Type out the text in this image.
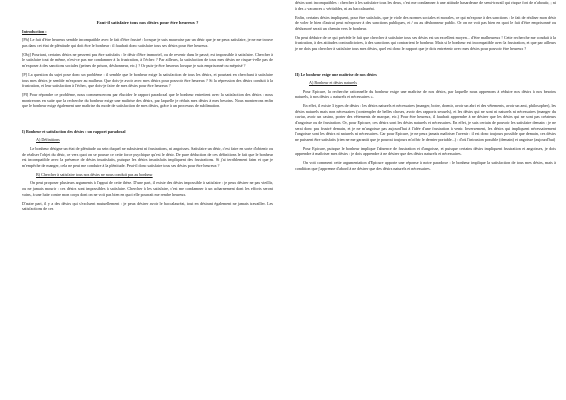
Faut-il satisfaire tous nos désirs pour être heureux ?
Introduction :

[Ph] Le fait d'être heureux semble incompatible avec le fait d'être frustré : lorsque je suis mauvaise par un désir que je ne peux satisfaire, je ne me trouve pas dans cet état de plénitude qui doit être le bonheur : il faudrait donc satisfaire tous ses désirs pour être heureux.

[Obj] Pourtant, certains désirs ne peuvent pas être satisfaits : le désir d'être immortel, ou de revenir dans le passé, est impossible à satisfaire. Chercher à le satisfaire tout de même, n'est-ce pas me condamner à la frustration, à l'échec ? Par ailleurs, la satisfaction de tous mes désirs ne risque-t-elle pas de m'exposer à des sanctions sociales (peines de prison, déshonneur, etc.) ? Or puis-je être heureux lorsque je suis emprisonné ou méprisé ?

[P] La question du sujet pose donc un problème : il semble que le bonheur exige la satisfaction de tous les désirs, et pourtant en cherchant à satisfaire tous mes désirs je semble m'exposer au malheur. Que dois-je avoir avec mes désirs pour pouvoir être heureux ? Si la répression des désirs conduit à la frustration, et leur satisfaction à l'échec, que dois-je faire de mes désirs pour être heureux ?

[Pl] Pour répondre ce problème, nous commencerons par élucider le rapport paradoxal que le bonheur entretient avec la satisfaction des désirs : nous montrerons en suite que la recherche du bonheur exige une maîtrise des désirs, par laquelle je réduis mes désirs à mes besoins. Nous montrerons enfin que le bonheur exige également une maîtrise du mode de satisfaction de mes désirs, grâce à un processus de sublimation.

I) Bonheur et satisfaction des désirs : un rapport paradoxal
A) Définitions

Le bonheur désigne un état de plénitude au sein duquel ne subsistent ni frustrations, ni angoisses. Satisfaire un désir, c'est faire en sorte d'obtenir ou de réaliser l'objet du désir, ce vers quoi on se pousse ce cette force psychique qu'est le désir. De pure déduction de ces définitions le fait que le bonheur est incompatible avec la présence de désirs insatisfaits, puisque les désirs insatisfaits impliquent des frustrations. Si j'ai terriblement faim et que je m'empêche de manger, cela ne peut me conduire à la plénitude. Peut-il donc satisfaire tous ses désirs pour être heureux ?

B) Chercher à satisfaire tous nos désirs ne nous conduit pas au bonheur

On peut proposer plusieurs arguments à l'appui de cette thèse. D'une part, il existe des désirs impossible à satisfaire : je peux désirer ne pas vieillir, ou ne jamais mourir : ces désirs sont impossibles à satisfaire. Chercher à les satisfaire, c'est me condamner à un acharnement dont les efforts seront vains, à une lutte contre mon corps dont on ne voit pas bien en quoi elle pourrait me rendre heureux.

D'autre part, il y a des désirs qui s'excluent mutuellement : je peux désirer avoir le baccalauréat, tout en désirant également ne jamais travailler. Les satisfactions de ces

désirs sont incompatibles : chercher à les satisfaire tous les deux, c'est me condamner à une attitude hasardeuse de semi-travail qui risque fort de n'aboutir, ; ni à des « vacances » véritables, ni au baccalauréat.

Enfin, certains désirs impliquent, pour être satisfaits, que je viole des normes sociales et morales, ce qui m'expose à des sanctions : le fait de réaliser mon désir de voler le bien d'autrui peut m'exposer à des sanctions publiques, et / ou au déshonneur public. Or on ne voit pas bien en quoi le fait d'être emprisonné ou déshonoré serait un chemin vers le bonheur.

On peut déduire de ce qui précède le fait que chercher à satisfaire tous ses désirs est un excellent moyen... d'être malheureux ! Cette recherche me conduit à la frustration, à des attitudes contradictoires, à des sanctions qui contrarient le bonheur. Mais si le bonheur est incompatible avec la frustration, et que par ailleurs je ne dois pas chercher à satisfaire tous mes désirs, quel est donc le rapport que je dois entretenir avec mes désirs pour pouvoir être heureux ?

II) Le bonheur exige une maîtrise de nos désirs
A) Bonheur et désirs naturels

Pour Epicure, la recherche rationnelle du bonheur exige une maîtrise de nos désirs, par laquelle nous apprenons à réduire nos désirs à nos besoins naturels, à nos désirs « naturels et nécessaires ».

En effet, il existe 3 types de désirs : les désirs naturels et nécessaires (manger, boire, dormir, avoir un abri et des vêtements, avoir un ami, philosopher), les désirs naturels mais non nécessaires (contempler de belles choses, avoir des rapports sexuels), et les désirs qui ne sont ni naturels ni nécessaires (manger du caviar, avoir un casino, porter des vêtements de marque, etc.) Pour être heureux, il faudrait apprendre à ne désirer que les désirs qui ne sont pas créateurs d'angoisse ou de frustration. Or, pour Epicure, ces désirs sont les désirs naturels et nécessaires. En effet, je suis certain de pouvoir les satisfaire demain : je ne serai donc pas frustré demain, et je ne m'angoisse pas aujourd'hui à l'idée d'une frustration à venir. Inversement, les désirs qui impliquent nécessairement l'angoisse sont les désirs ni naturels ni nécessaires. Car pour Epicure, je ne peux jamais maîtriser l'avenir : il est donc toujours possible que demain, ces désirs ne puissent être satisfaits (rien ne me garantit que je pourrai toujours m'offrir le dernier portable...) : d'où l'intrusion possible (demain) et angoisse (aujourd'hui)

Pour Epicure, puisque le bonheur implique l'absence de frustration et d'angoisse, et puisque certains désirs impliquent frustration et angoisses, je dois apprendre à maîtriser mes désirs : je dois apprendre à ne désirer que des désirs naturels et nécessaires.

On voit comment cette argumentation d'Epicure apporte une réponse à notre paradoxe : le bonheur implique la satisfaction de tous mes désirs, mais à condition que j'apprenne d'abord à ne désirer que des désirs naturels et nécessaires.
